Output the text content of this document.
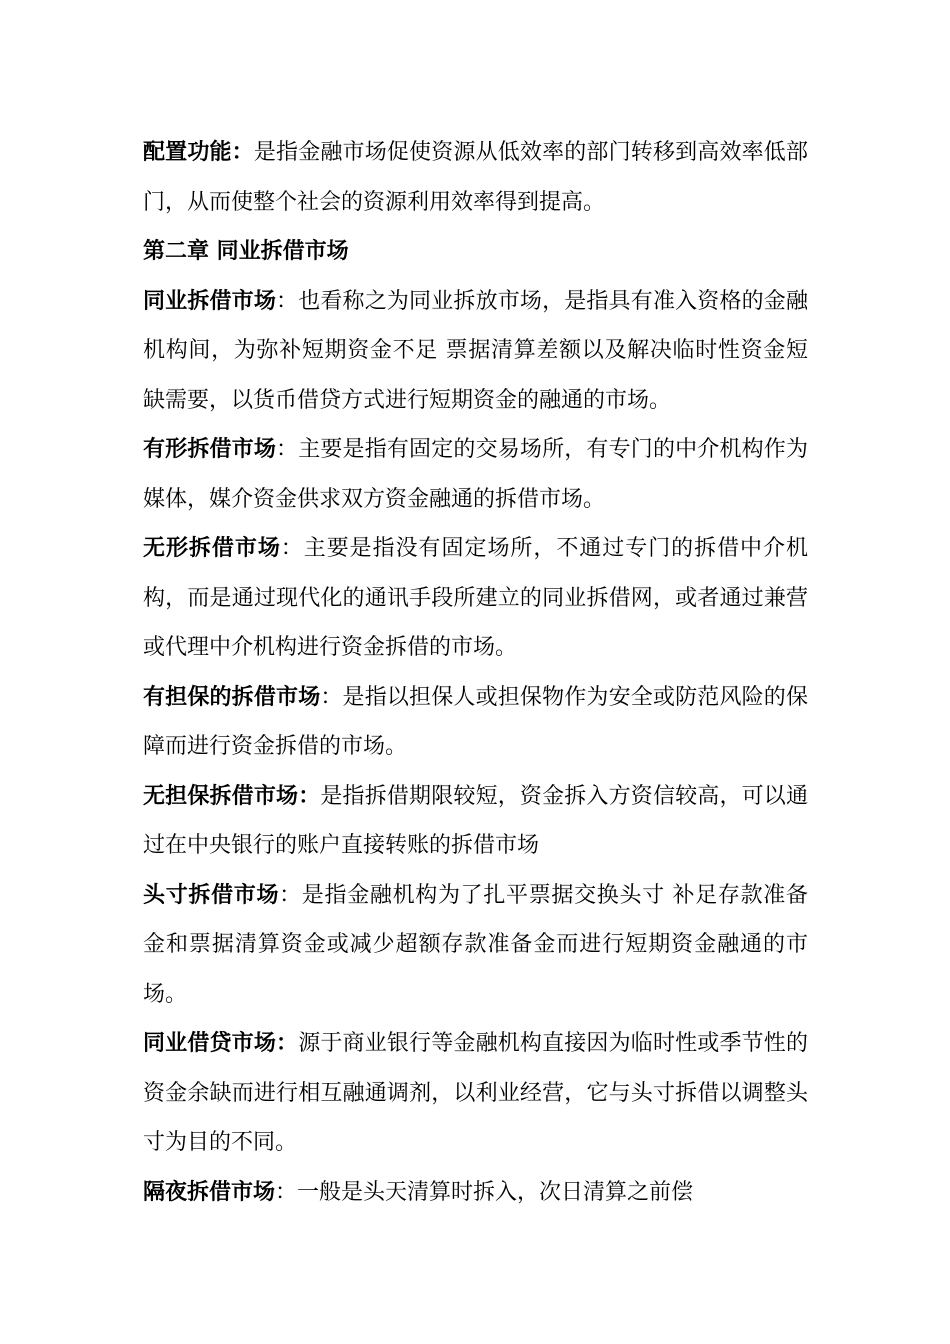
配置功能：是指金融市场促使资源从低效率的部门转移到高效率低部门，从而使整个社会的资源利用效率得到提高。

第二章 同业拆借市场

同业拆借市场：也看称之为同业拆放市场，是指具有准入资格的金融机构间，为弥补短期资金不足 票据清算差额以及解决临时性资金短缺需要，以货币借贷方式进行短期资金的融通的市场。

有形拆借市场：主要是指有固定的交易场所，有专门的中介机构作为媒体，媒介资金供求双方资金融通的拆借市场。

无形拆借市场：主要是指没有固定场所，不通过专门的拆借中介机构，而是通过现代化的通讯手段所建立的同业拆借网，或者通过兼营或代理中介机构进行资金拆借的市场。

有担保的拆借市场：是指以担保人或担保物作为安全或防范风险的保障而进行资金拆借的市场。

无担保拆借市场：是指拆借期限较短，资金拆入方资信较高，可以通过在中央银行的账户直接转账的拆借市场

头寸拆借市场：是指金融机构为了扎平票据交换头寸 补足存款准备金和票据清算资金或减少超额存款准备金而进行短期资金融通的市场。

同业借贷市场：源于商业银行等金融机构直接因为临时性或季节性的资金余缺而进行相互融通调剂，以利业经营，它与头寸拆借以调整头寸为目的不同。

隔夜拆借市场：一般是头天清算时拆入，次日清算之前偿
